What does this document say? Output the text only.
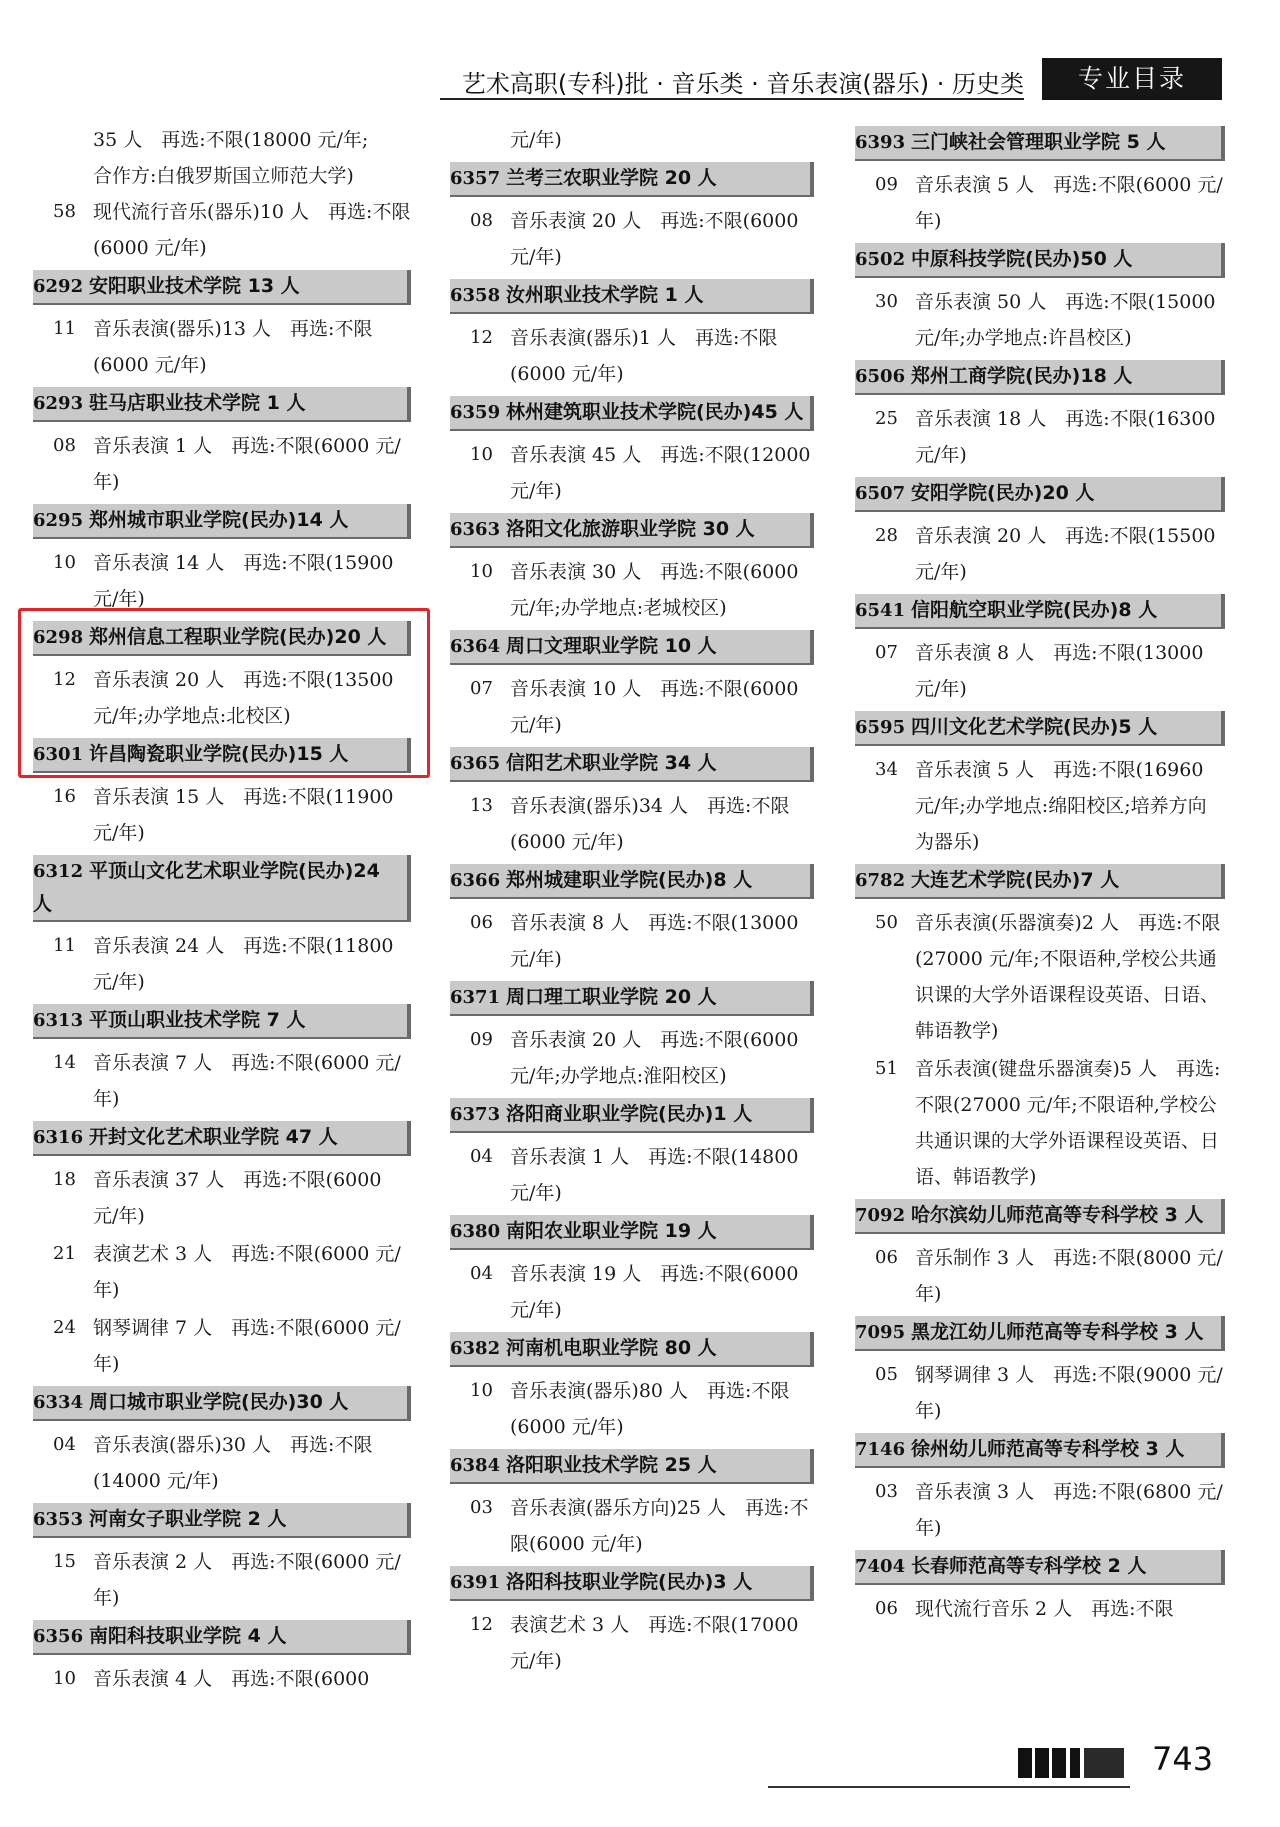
艺术高职(专科)批 · 音乐类 · 音乐表演(器乐) · 历史类	专业目录
35 人　再选:不限(18000 元/年;
合作方:白俄罗斯国立师范大学)
58 现代流行音乐(器乐)10 人　再选:不限(6000 元/年)
6292 安阳职业技术学院 13 人
11 音乐表演(器乐)13 人　再选:不限(6000 元/年)
6293 驻马店职业技术学院 1 人
08 音乐表演 1 人　再选:不限(6000 元/年)
6295 郑州城市职业学院(民办)14 人
10 音乐表演 14 人　再选:不限(15900 元/年)
6298 郑州信息工程职业学院(民办)20 人
12 音乐表演 20 人　再选:不限(13500 元/年;办学地点:北校区)
6301 许昌陶瓷职业学院(民办)15 人
16 音乐表演 15 人　再选:不限(11900 元/年)
6312 平顶山文化艺术职业学院(民办)24 人
11 音乐表演 24 人　再选:不限(11800 元/年)
6313 平顶山职业技术学院 7 人
14 音乐表演 7 人　再选:不限(6000 元/年)
6316 开封文化艺术职业学院 47 人
18 音乐表演 37 人　再选:不限(6000 元/年)
21 表演艺术 3 人　再选:不限(6000 元/年)
24 钢琴调律 7 人　再选:不限(6000 元/年)
6334 周口城市职业学院(民办)30 人
04 音乐表演(器乐)30 人　再选:不限(14000 元/年)
6353 河南女子职业学院 2 人
15 音乐表演 2 人　再选:不限(6000 元/年)
6356 南阳科技职业学院 4 人
10 音乐表演 4 人　再选:不限(6000
元/年)
6357 兰考三农职业学院 20 人
08 音乐表演 20 人　再选:不限(6000 元/年)
6358 汝州职业技术学院 1 人
12 音乐表演(器乐)1 人　再选:不限(6000 元/年)
6359 林州建筑职业技术学院(民办)45 人
10 音乐表演 45 人　再选:不限(12000 元/年)
6363 洛阳文化旅游职业学院 30 人
10 音乐表演 30 人　再选:不限(6000 元/年;办学地点:老城校区)
6364 周口文理职业学院 10 人
07 音乐表演 10 人　再选:不限(6000 元/年)
6365 信阳艺术职业学院 34 人
13 音乐表演(器乐)34 人　再选:不限(6000 元/年)
6366 郑州城建职业学院(民办)8 人
06 音乐表演 8 人　再选:不限(13000 元/年)
6371 周口理工职业学院 20 人
09 音乐表演 20 人　再选:不限(6000 元/年;办学地点:淮阳校区)
6373 洛阳商业职业学院(民办)1 人
04 音乐表演 1 人　再选:不限(14800 元/年)
6380 南阳农业职业学院 19 人
04 音乐表演 19 人　再选:不限(6000 元/年)
6382 河南机电职业学院 80 人
10 音乐表演(器乐)80 人　再选:不限(6000 元/年)
6384 洛阳职业技术学院 25 人
03 音乐表演(器乐方向)25 人　再选:不限(6000 元/年)
6391 洛阳科技职业学院(民办)3 人
12 表演艺术 3 人　再选:不限(17000 元/年)
6393 三门峡社会管理职业学院 5 人
09 音乐表演 5 人　再选:不限(6000 元/年)
6502 中原科技学院(民办)50 人
30 音乐表演 50 人　再选:不限(15000 元/年;办学地点:许昌校区)
6506 郑州工商学院(民办)18 人
25 音乐表演 18 人　再选:不限(16300 元/年)
6507 安阳学院(民办)20 人
28 音乐表演 20 人　再选:不限(15500 元/年)
6541 信阳航空职业学院(民办)8 人
07 音乐表演 8 人　再选:不限(13000 元/年)
6595 四川文化艺术学院(民办)5 人
34 音乐表演 5 人　再选:不限(16960 元/年;办学地点:绵阳校区;培养方向为器乐)
6782 大连艺术学院(民办)7 人
50 音乐表演(乐器演奏)2 人　再选:不限(27000 元/年;不限语种,学校公共通识课的大学外语课程设英语、日语、韩语教学)
51 音乐表演(键盘乐器演奏)5 人　再选:不限(27000 元/年;不限语种,学校公共通识课的大学外语课程设英语、日语、韩语教学)
7092 哈尔滨幼儿师范高等专科学校 3 人
06 音乐制作 3 人　再选:不限(8000 元/年)
7095 黑龙江幼儿师范高等专科学校 3 人
05 钢琴调律 3 人　再选:不限(9000 元/年)
7146 徐州幼儿师范高等专科学校 3 人
03 音乐表演 3 人　再选:不限(6800 元/年)
7404 长春师范高等专科学校 2 人
06 现代流行音乐 2 人　再选:不限
743
